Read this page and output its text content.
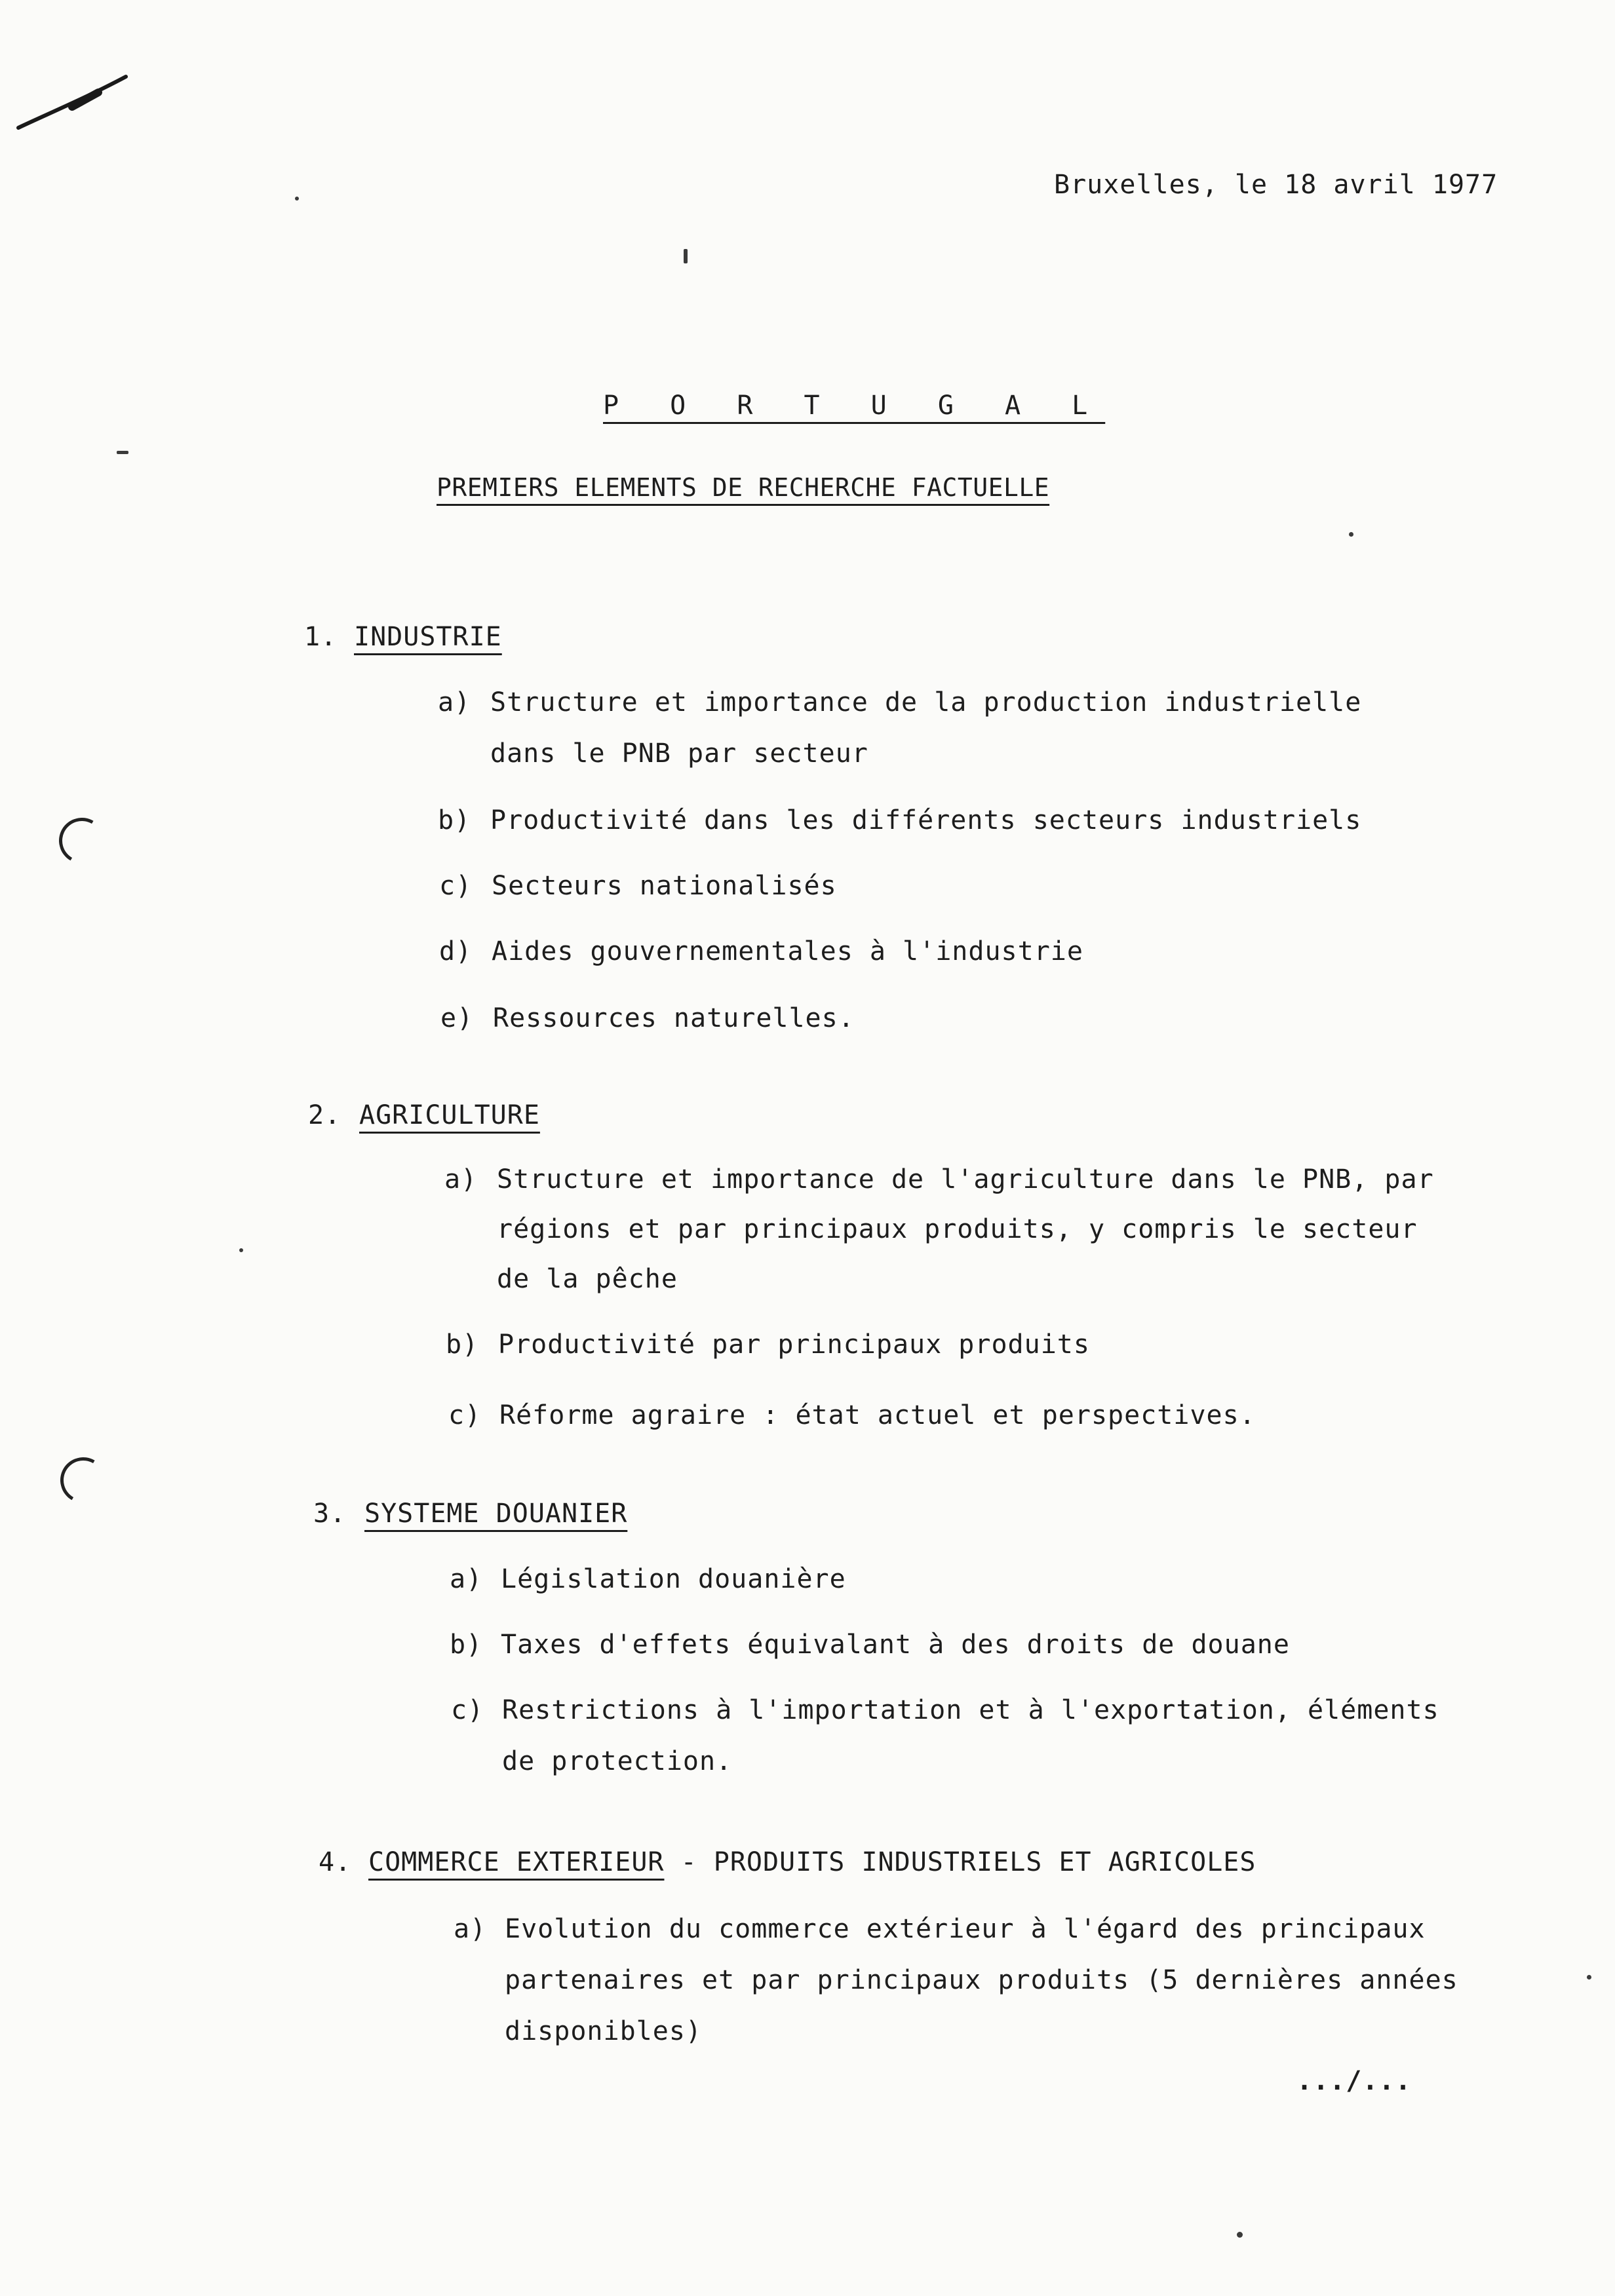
Bruxelles, le 18 avril 1977
P O R T U G A L
PREMIERS ELEMENTS DE RECHERCHE FACTUELLE
1. INDUSTRIE
a) Structure et importance de la production industrielle
dans le PNB par secteur
b) Productivité dans les différents secteurs industriels
c) Secteurs nationalisés
d) Aides gouvernementales à l'industrie
e) Ressources naturelles.
2. AGRICULTURE
a) Structure et importance de l'agriculture dans le PNB, par
régions et par principaux produits, y compris le secteur
de la pêche
b) Productivité par principaux produits
c) Réforme agraire : état actuel et perspectives.
3. SYSTEME DOUANIER
a) Législation douanière
b) Taxes d'effets équivalant à des droits de douane
c) Restrictions à l'importation et à l'exportation, éléments
de protection.
4. COMMERCE EXTERIEUR - PRODUITS INDUSTRIELS ET AGRICOLES
a) Evolution du commerce extérieur à l'égard des principaux
partenaires et par principaux produits (5 dernières années
disponibles)
.../...
